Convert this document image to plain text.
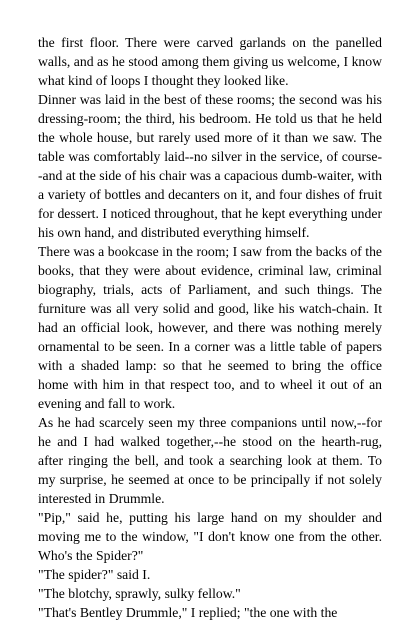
the first floor. There were carved garlands on the panelled walls, and as he stood among them giving us welcome, I know what kind of loops I thought they looked like.

Dinner was laid in the best of these rooms; the second was his dressing-room; the third, his bedroom. He told us that he held the whole house, but rarely used more of it than we saw. The table was comfortably laid--no silver in the service, of course--and at the side of his chair was a capacious dumb-waiter, with a variety of bottles and decanters on it, and four dishes of fruit for dessert. I noticed throughout, that he kept everything under his own hand, and distributed everything himself.

There was a bookcase in the room; I saw from the backs of the books, that they were about evidence, criminal law, criminal biography, trials, acts of Parliament, and such things. The furniture was all very solid and good, like his watch-chain. It had an official look, however, and there was nothing merely ornamental to be seen. In a corner was a little table of papers with a shaded lamp: so that he seemed to bring the office home with him in that respect too, and to wheel it out of an evening and fall to work.

As he had scarcely seen my three companions until now,--for he and I had walked together,--he stood on the hearth-rug, after ringing the bell, and took a searching look at them. To my surprise, he seemed at once to be principally if not solely interested in Drummle.

"Pip," said he, putting his large hand on my shoulder and moving me to the window, "I don't know one from the other. Who's the Spider?"

"The spider?" said I.

"The blotchy, sprawly, sulky fellow."

"That's Bentley Drummle," I replied; "the one with the
